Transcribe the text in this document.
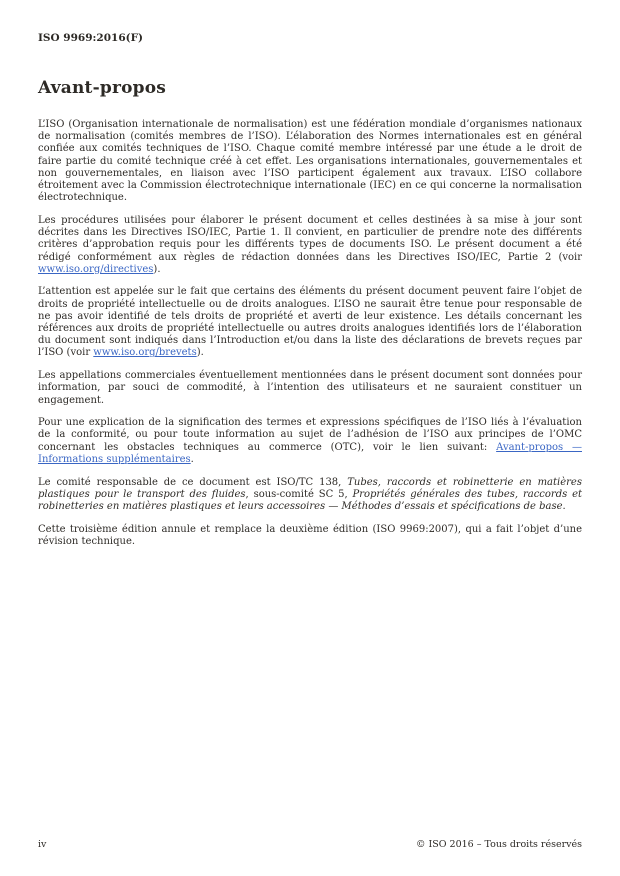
ISO 9969:2016(F)
Avant-propos

L’ISO (Organisation internationale de normalisation) est une fédération mondiale d’organismes nationaux de normalisation (comités membres de l’ISO). L’élaboration des Normes internationales est en général confiée aux comités techniques de l’ISO. Chaque comité membre intéressé par une étude a le droit de faire partie du comité technique créé à cet effet. Les organisations internationales, gouvernementales et non gouvernementales, en liaison avec l’ISO participent également aux travaux. L’ISO collabore étroitement avec la Commission électrotechnique internationale (IEC) en ce qui concerne la normalisation électrotechnique.

Les procédures utilisées pour élaborer le présent document et celles destinées à sa mise à jour sont décrites dans les Directives ISO/IEC, Partie 1. Il convient, en particulier de prendre note des différents critères d’approbation requis pour les différents types de documents ISO. Le présent document a été rédigé conformément aux règles de rédaction données dans les Directives ISO/IEC, Partie 2 (voir www.iso.org/directives).

L’attention est appelée sur le fait que certains des éléments du présent document peuvent faire l’objet de droits de propriété intellectuelle ou de droits analogues. L’ISO ne saurait être tenue pour responsable de ne pas avoir identifié de tels droits de propriété et averti de leur existence. Les détails concernant les références aux droits de propriété intellectuelle ou autres droits analogues identifiés lors de l’élaboration du document sont indiqués dans l’Introduction et/ou dans la liste des déclarations de brevets reçues par l’ISO (voir www.iso.org/brevets).

Les appellations commerciales éventuellement mentionnées dans le présent document sont données pour information, par souci de commodité, à l’intention des utilisateurs et ne sauraient constituer un engagement.

Pour une explication de la signification des termes et expressions spécifiques de l’ISO liés à l’évaluation de la conformité, ou pour toute information au sujet de l’adhésion de l’ISO aux principes de l’OMC concernant les obstacles techniques au commerce (OTC), voir le lien suivant: Avant-propos — Informations supplémentaires.

Le comité responsable de ce document est ISO/TC 138, Tubes, raccords et robinetterie en matières plastiques pour le transport des fluides, sous-comité SC 5, Propriétés générales des tubes, raccords et robinetteries en matières plastiques et leurs accessoires — Méthodes d’essais et spécifications de base.

Cette troisième édition annule et remplace la deuxième édition (ISO 9969:2007), qui a fait l’objet d’une révision technique.

iv	© ISO 2016 – Tous droits réservés
